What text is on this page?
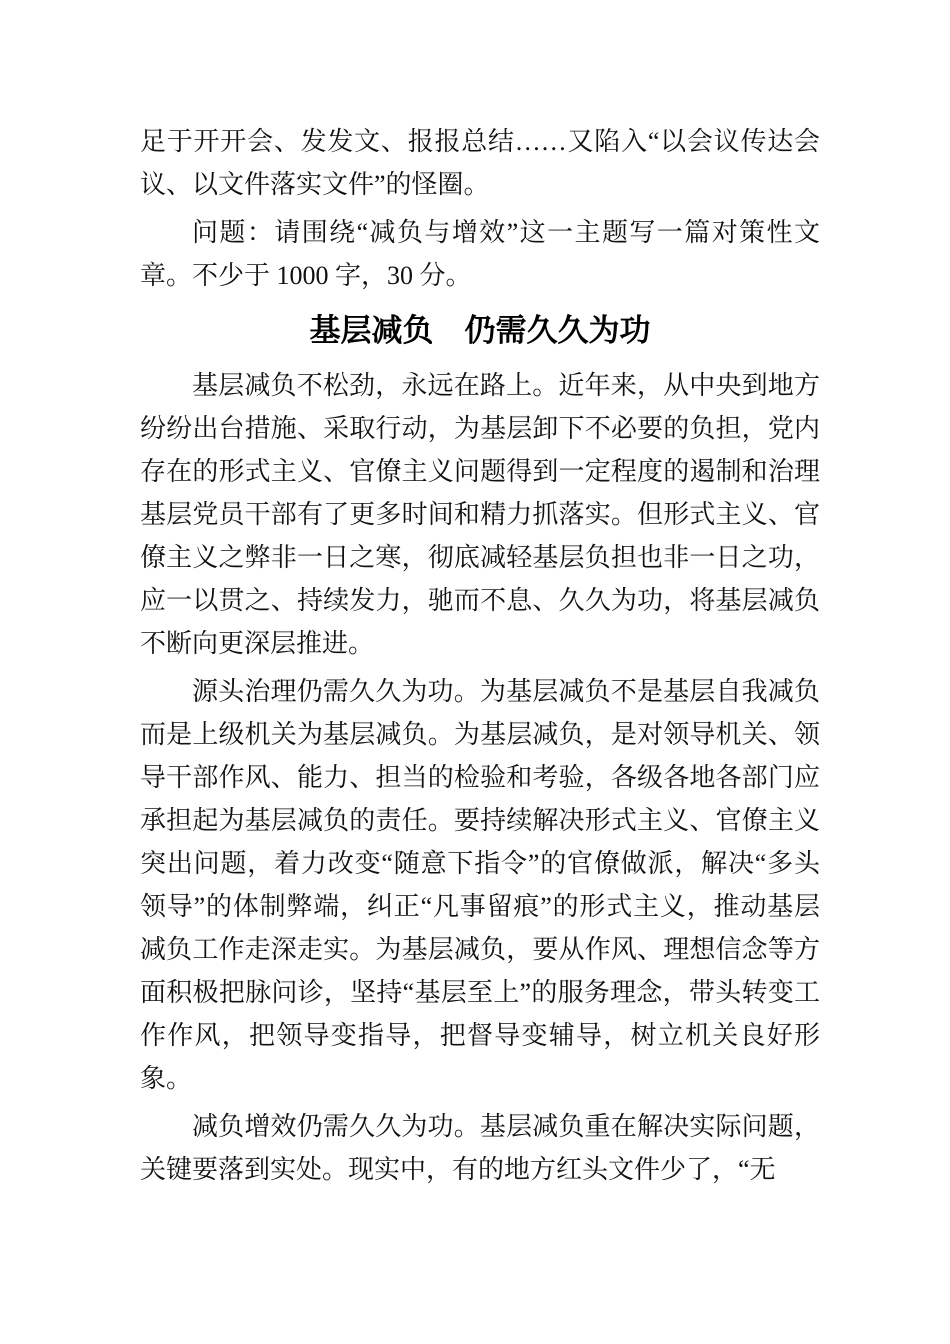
足于开开会、发发文、报报总结……又陷入“以会议传达会议、以文件落实文件”的怪圈。

问题：请围绕“减负与增效”这一主题写一篇对策性文章。不少于 1000 字，30 分。

基层减负　仍需久久为功

基层减负不松劲，永远在路上。近年来，从中央到地方纷纷出台措施、采取行动，为基层卸下不必要的负担，党内存在的形式主义、官僚主义问题得到一定程度的遏制和治理基层党员干部有了更多时间和精力抓落实。但形式主义、官僚主义之弊非一日之寒，彻底减轻基层负担也非一日之功，应一以贯之、持续发力，驰而不息、久久为功，将基层减负不断向更深层推进。

源头治理仍需久久为功。为基层减负不是基层自我减负而是上级机关为基层减负。为基层减负，是对领导机关、领导干部作风、能力、担当的检验和考验，各级各地各部门应承担起为基层减负的责任。要持续解决形式主义、官僚主义突出问题，着力改变“随意下指令”的官僚做派，解决“多头领导”的体制弊端，纠正“凡事留痕”的形式主义，推动基层减负工作走深走实。为基层减负，要从作风、理想信念等方面积极把脉问诊，坚持“基层至上”的服务理念，带头转变工作作风，把领导变指导，把督导变辅导，树立机关良好形象。

减负增效仍需久久为功。基层减负重在解决实际问题，关键要落到实处。现实中，有的地方红头文件少了，“无
